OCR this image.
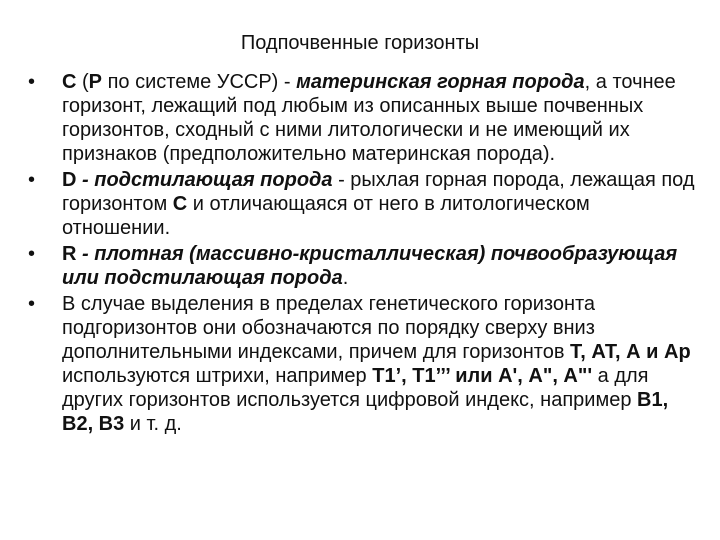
Подпочвенные горизонты
•	С (Р по системе УССР) - материнская горная порода, а точнее горизонт, лежащий под любым из описанных выше почвенных горизонтов, сходный с ними литологически и не имеющий их признаков (предположительно материнская порода).
•	D - подстилающая порода - рыхлая горная порода, лежащая под горизонтом С и отличающаяся от него в литологическом отношении.
•	R - плотная (массивно-кристаллическая) почвообразующая или подстилающая порода.
•	В случае выделения в пределах генетического горизонта подгоризонтов они обозначаются по порядку сверху вниз дополнительными индексами, причем для горизонтов Т, АТ, А и Ар используются штрихи, например Т1’, Т1’’’ или А', А", А"' а для других горизонтов используется цифровой индекс, например В1, В2, В3 и т. д.
